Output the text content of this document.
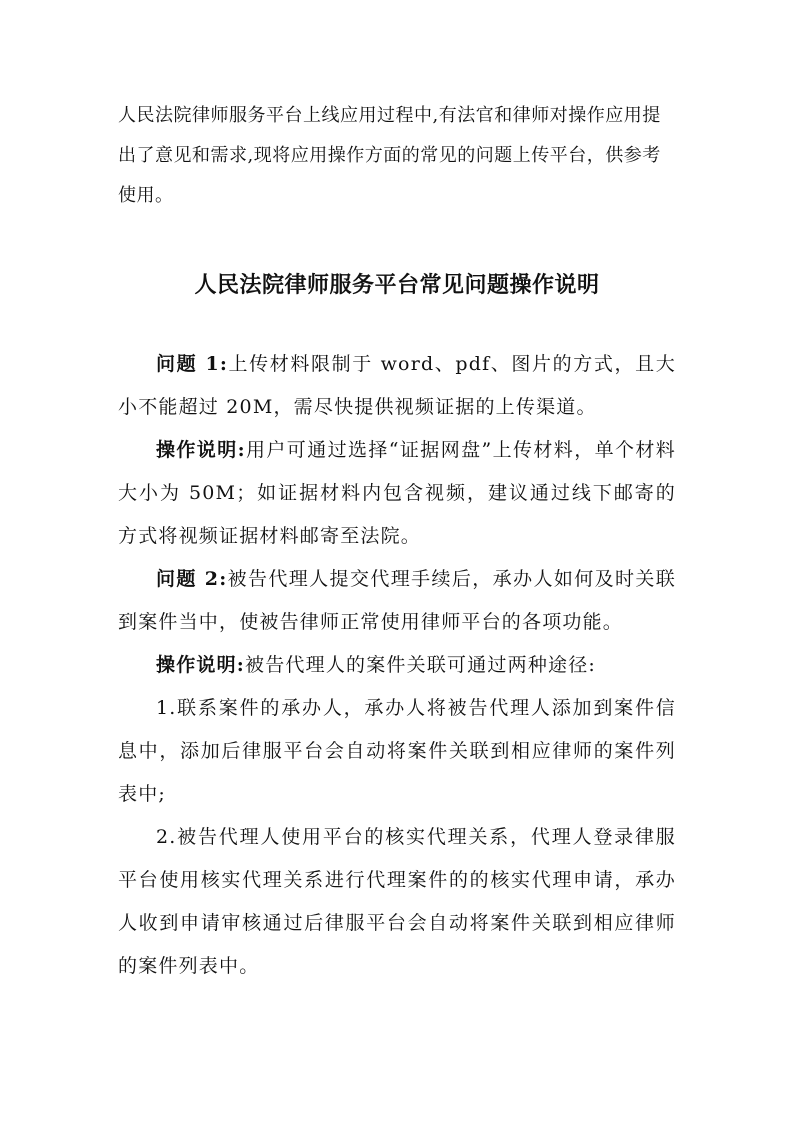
人民法院律师服务平台上线应用过程中,有法官和律师对操作应用提出了意见和需求,现将应用操作方面的常见的问题上传平台，供参考使用。

人民法院律师服务平台常见问题操作说明

问题 1:上传材料限制于 word、pdf、图片的方式，且大小不能超过 20M，需尽快提供视频证据的上传渠道。

操作说明:用户可通过选择“证据网盘”上传材料，单个材料大小为 50M；如证据材料内包含视频，建议通过线下邮寄的方式将视频证据材料邮寄至法院。

问题 2:被告代理人提交代理手续后，承办人如何及时关联到案件当中，使被告律师正常使用律师平台的各项功能。

操作说明:被告代理人的案件关联可通过两种途径:

1.联系案件的承办人，承办人将被告代理人添加到案件信息中，添加后律服平台会自动将案件关联到相应律师的案件列表中;

2.被告代理人使用平台的核实代理关系，代理人登录律服平台使用核实代理关系进行代理案件的的核实代理申请，承办人收到申请审核通过后律服平台会自动将案件关联到相应律师的案件列表中。
